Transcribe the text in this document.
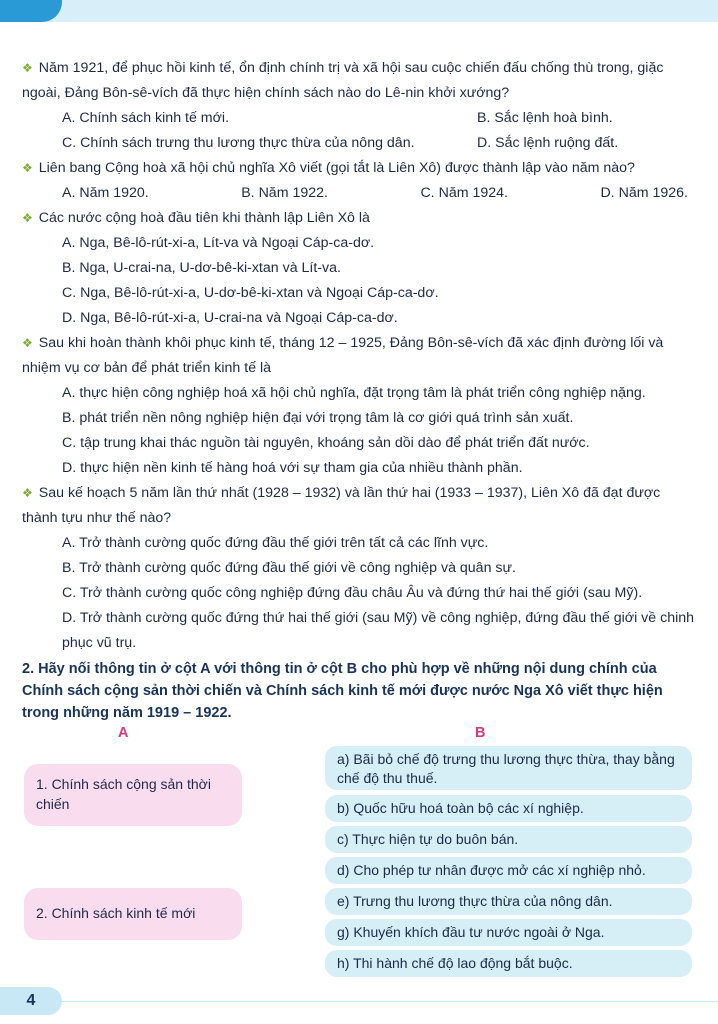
❖ Năm 1921, để phục hồi kinh tế, ổn định chính trị và xã hội sau cuộc chiến đấu chống thù trong, giặc ngoài, Đảng Bôn-sê-vích đã thực hiện chính sách nào do Lê-nin khởi xướng?
A. Chính sách kinh tế mới.	B. Sắc lệnh hoà bình.
C. Chính sách trưng thu lương thực thừa của nông dân.	D. Sắc lệnh ruộng đất.
❖ Liên bang Cộng hoà xã hội chủ nghĩa Xô viết (gọi tắt là Liên Xô) được thành lập vào năm nào?
A. Năm 1920.	B. Năm 1922.	C. Năm 1924.	D. Năm 1926.
❖ Các nước cộng hoà đầu tiên khi thành lập Liên Xô là
A. Nga, Bê-lô-rút-xi-a, Lít-va và Ngoại Cáp-ca-dơ.
B. Nga, U-crai-na, U-dơ-bê-ki-xtan và Lít-va.
C. Nga, Bê-lô-rút-xi-a, U-dơ-bê-ki-xtan và Ngoại Cáp-ca-dơ.
D. Nga, Bê-lô-rút-xi-a, U-crai-na và Ngoại Cáp-ca-dơ.
❖ Sau khi hoàn thành khôi phục kinh tế, tháng 12 – 1925, Đảng Bôn-sê-vích đã xác định đường lối và nhiệm vụ cơ bản để phát triển kinh tế là
A. thực hiện công nghiệp hoá xã hội chủ nghĩa, đặt trọng tâm là phát triển công nghiệp nặng.
B. phát triển nền nông nghiệp hiện đại với trọng tâm là cơ giới quá trình sản xuất.
C. tập trung khai thác nguồn tài nguyên, khoáng sản dồi dào để phát triển đất nước.
D. thực hiện nền kinh tế hàng hoá với sự tham gia của nhiều thành phần.
❖ Sau kế hoạch 5 năm lần thứ nhất (1928 – 1932) và lần thứ hai (1933 – 1937), Liên Xô đã đạt được thành tựu như thế nào?
A. Trở thành cường quốc đứng đầu thế giới trên tất cả các lĩnh vực.
B. Trở thành cường quốc đứng đầu thế giới về công nghiệp và quân sự.
C. Trở thành cường quốc công nghiệp đứng đầu châu Âu và đứng thứ hai thế giới (sau Mỹ).
D. Trở thành cường quốc đứng thứ hai thế giới (sau Mỹ) về công nghiệp, đứng đầu thế giới về chinh phục vũ trụ.
2. Hãy nối thông tin ở cột A với thông tin ở cột B cho phù hợp về những nội dung chính của Chính sách cộng sản thời chiến và Chính sách kinh tế mới được nước Nga Xô viết thực hiện trong những năm 1919 – 1922.
A	B
1. Chính sách cộng sản thời chiến
2. Chính sách kinh tế mới
a) Bãi bỏ chế độ trưng thu lương thực thừa, thay bằng chế độ thu thuế.
b) Quốc hữu hoá toàn bộ các xí nghiệp.
c) Thực hiện tự do buôn bán.
d) Cho phép tư nhân được mở các xí nghiệp nhỏ.
e) Trưng thu lương thực thừa của nông dân.
g) Khuyến khích đầu tư nước ngoài ở Nga.
h) Thi hành chế độ lao động bắt buộc.
4
